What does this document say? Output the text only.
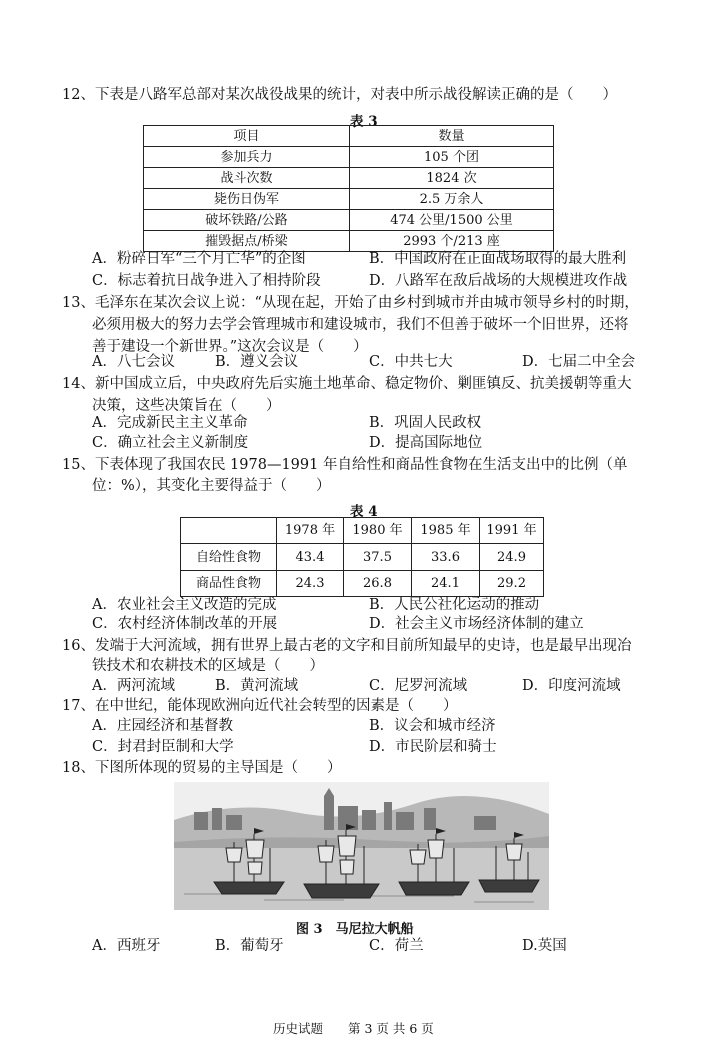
12、下表是八路军总部对某次战役战果的统计，对表中所示战役解读正确的是（　　）
表 3
项目	数量
参加兵力	105 个团
战斗次数	1824 次
毙伤日伪军	2.5 万余人
破坏铁路/公路	474 公里/1500 公里
摧毁据点/桥梁	2993 个/213 座
A．粉碎日军“三个月亡华”的企图	B．中国政府在正面战场取得的最大胜利
C．标志着抗日战争进入了相持阶段	D．八路军在敌后战场的大规模进攻作战
13、毛泽东在某次会议上说：“从现在起，开始了由乡村到城市并由城市领导乡村的时期，
必须用极大的努力去学会管理城市和建设城市，我们不但善于破坏一个旧世界，还将
善于建设一个新世界。”这次会议是（　　）
A．八七会议	B．遵义会议	C．中共七大	D．七届二中全会
14、新中国成立后，中央政府先后实施土地革命、稳定物价、剿匪镇反、抗美援朝等重大
决策，这些决策旨在（　　）
A．完成新民主主义革命	B．巩固人民政权
C．确立社会主义新制度	D．提高国际地位
15、下表体现了我国农民 1978—1991 年自给性和商品性食物在生活支出中的比例（单
位：%），其变化主要得益于（　　）
表 4
	1978 年	1980 年	1985 年	1991 年
自给性食物	43.4	37.5	33.6	24.9
商品性食物	24.3	26.8	24.1	29.2
A．农业社会主义改造的完成	B．人民公社化运动的推动
C．农村经济体制改革的开展	D．社会主义市场经济体制的建立
16、发端于大河流域，拥有世界上最古老的文字和目前所知最早的史诗，也是最早出现冶
铁技术和农耕技术的区域是（　　）
A．两河流域	B．黄河流域	C．尼罗河流域	D．印度河流域
17、在中世纪，能体现欧洲向近代社会转型的因素是（　　）
A．庄园经济和基督教	B．议会和城市经济
C．封君封臣制和大学	D．市民阶层和骑士
18、下图所体现的贸易的主导国是（　　）
图 3　马尼拉大帆船
A．西班牙	B．葡萄牙	C．荷兰	D.英国
历史试题　　第 3 页 共 6 页
